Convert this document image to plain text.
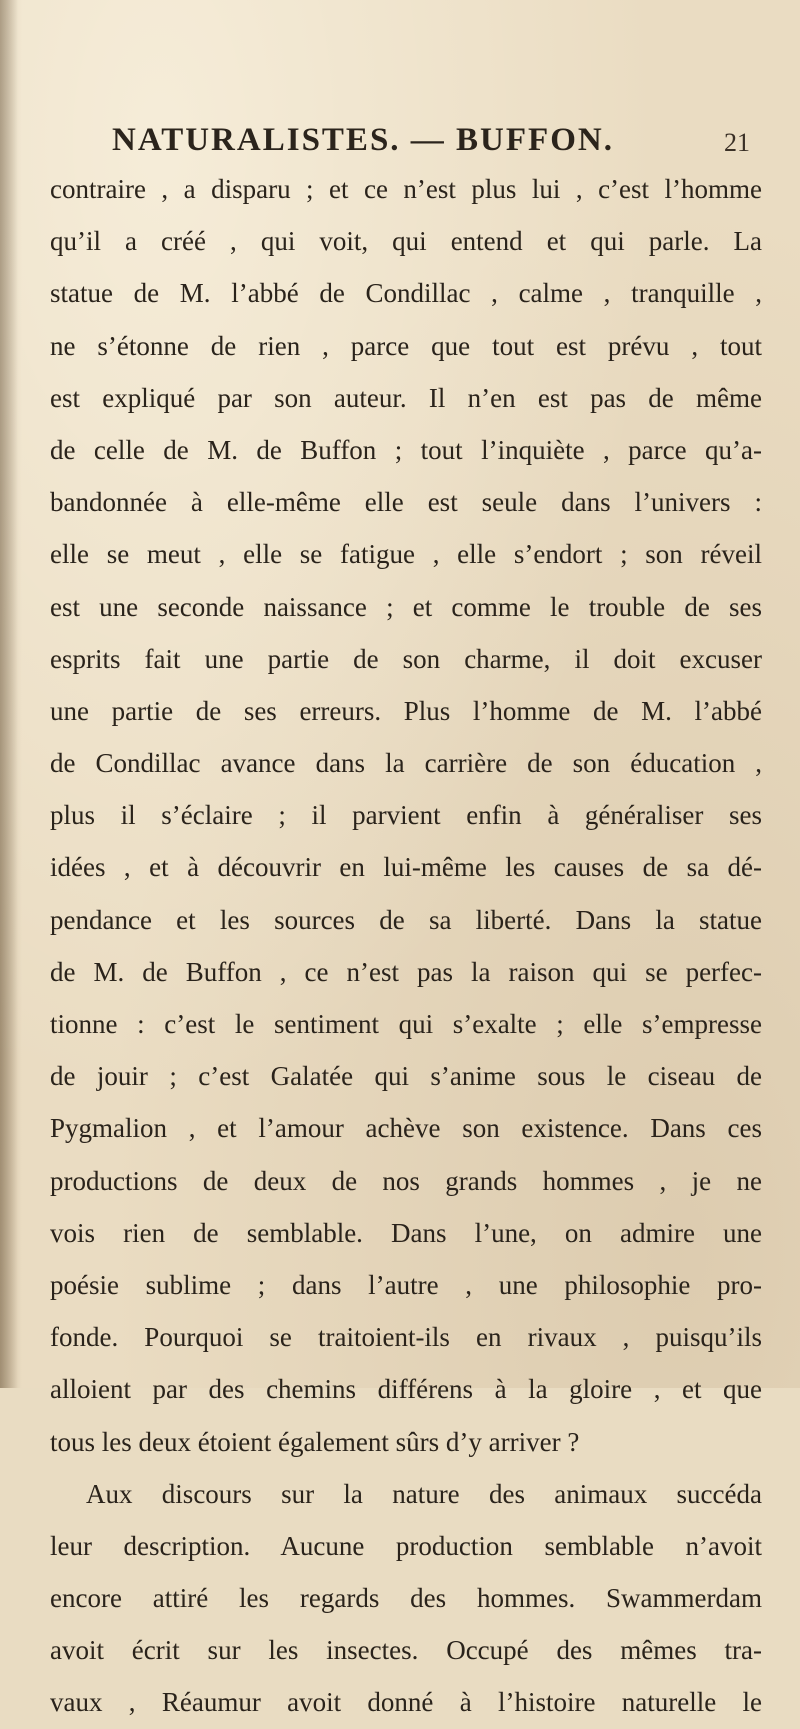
NATURALISTES. — BUFFON.	21
contraire , a disparu ; et ce n’est plus lui , c’est l’homme
qu’il a créé , qui voit, qui entend et qui parle. La
statue de M. l’abbé de Condillac , calme , tranquille ,
ne s’étonne de rien , parce que tout est prévu , tout
est expliqué par son auteur. Il n’en est pas de même
de celle de M. de Buffon ; tout l’inquiète , parce qu’a-
bandonnée à elle-même elle est seule dans l’univers :
elle se meut , elle se fatigue , elle s’endort ; son réveil
est une seconde naissance ; et comme le trouble de ses
esprits fait une partie de son charme, il doit excuser
une partie de ses erreurs. Plus l’homme de M. l’abbé
de Condillac avance dans la carrière de son éducation ,
plus il s’éclaire ; il parvient enfin à généraliser ses
idées , et à découvrir en lui-même les causes de sa dé-
pendance et les sources de sa liberté. Dans la statue
de M. de Buffon , ce n’est pas la raison qui se perfec-
tionne : c’est le sentiment qui s’exalte ; elle s’empresse
de jouir ; c’est Galatée qui s’anime sous le ciseau de
Pygmalion , et l’amour achève son existence. Dans ces
productions de deux de nos grands hommes , je ne
vois rien de semblable. Dans l’une, on admire une
poésie sublime ; dans l’autre , une philosophie pro-
fonde. Pourquoi se traitoient-ils en rivaux , puisqu’ils
alloient par des chemins différens à la gloire , et que
tous les deux étoient également sûrs d’y arriver ?
Aux discours sur la nature des animaux succéda
leur description. Aucune production semblable n’avoit
encore attiré les regards des hommes. Swammerdam
avoit écrit sur les insectes. Occupé des mêmes tra-
vaux , Réaumur avoit donné à l’histoire naturelle le
